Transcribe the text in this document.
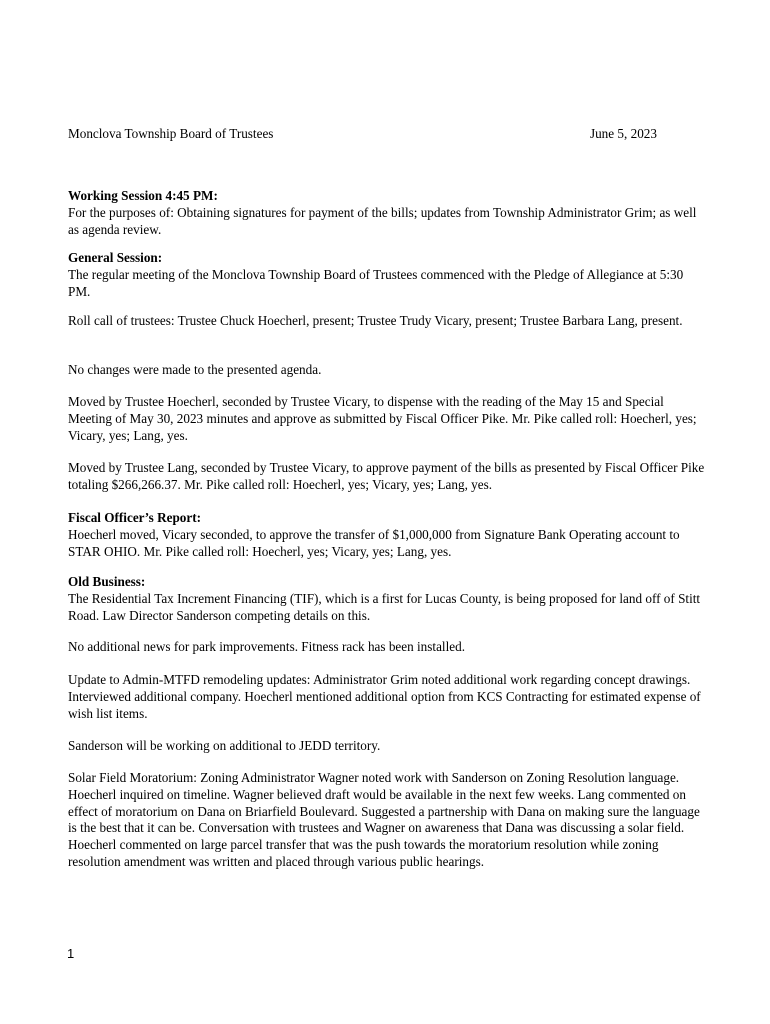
Monclova Township Board of Trustees	June 5, 2023

Working Session 4:45 PM:

For the purposes of: Obtaining signatures for payment of the bills; updates from Township Administrator Grim; as well as agenda review.

General Session:

The regular meeting of the Monclova Township Board of Trustees commenced with the Pledge of Allegiance at 5:30 PM.

Roll call of trustees: Trustee Chuck Hoecherl, present; Trustee Trudy Vicary, present; Trustee Barbara Lang, present.

No changes were made to the presented agenda.

Moved by Trustee Hoecherl, seconded by Trustee Vicary, to dispense with the reading of the May 15 and Special Meeting of May 30, 2023 minutes and approve as submitted by Fiscal Officer Pike. Mr. Pike called roll: Hoecherl, yes; Vicary, yes; Lang, yes.

Moved by Trustee Lang, seconded by Trustee Vicary, to approve payment of the bills as presented by Fiscal Officer Pike totaling $266,266.37. Mr. Pike called roll: Hoecherl, yes; Vicary, yes; Lang, yes.

Fiscal Officer’s Report:

Hoecherl moved, Vicary seconded, to approve the transfer of $1,000,000 from Signature Bank Operating account to STAR OHIO. Mr. Pike called roll: Hoecherl, yes; Vicary, yes; Lang, yes.

Old Business:

The Residential Tax Increment Financing (TIF), which is a first for Lucas County, is being proposed for land off of Stitt Road. Law Director Sanderson competing details on this.

No additional news for park improvements. Fitness rack has been installed.

Update to Admin-MTFD remodeling updates: Administrator Grim noted additional work regarding concept drawings. Interviewed additional company. Hoecherl mentioned additional option from KCS Contracting for estimated expense of wish list items.

Sanderson will be working on additional to JEDD territory.

Solar Field Moratorium: Zoning Administrator Wagner noted work with Sanderson on Zoning Resolution language. Hoecherl inquired on timeline. Wagner believed draft would be available in the next few weeks. Lang commented on effect of moratorium on Dana on Briarfield Boulevard. Suggested a partnership with Dana on making sure the language is the best that it can be. Conversation with trustees and Wagner on awareness that Dana was discussing a solar field. Hoecherl commented on large parcel transfer that was the push towards the moratorium resolution while zoning resolution amendment was written and placed through various public hearings.

1
